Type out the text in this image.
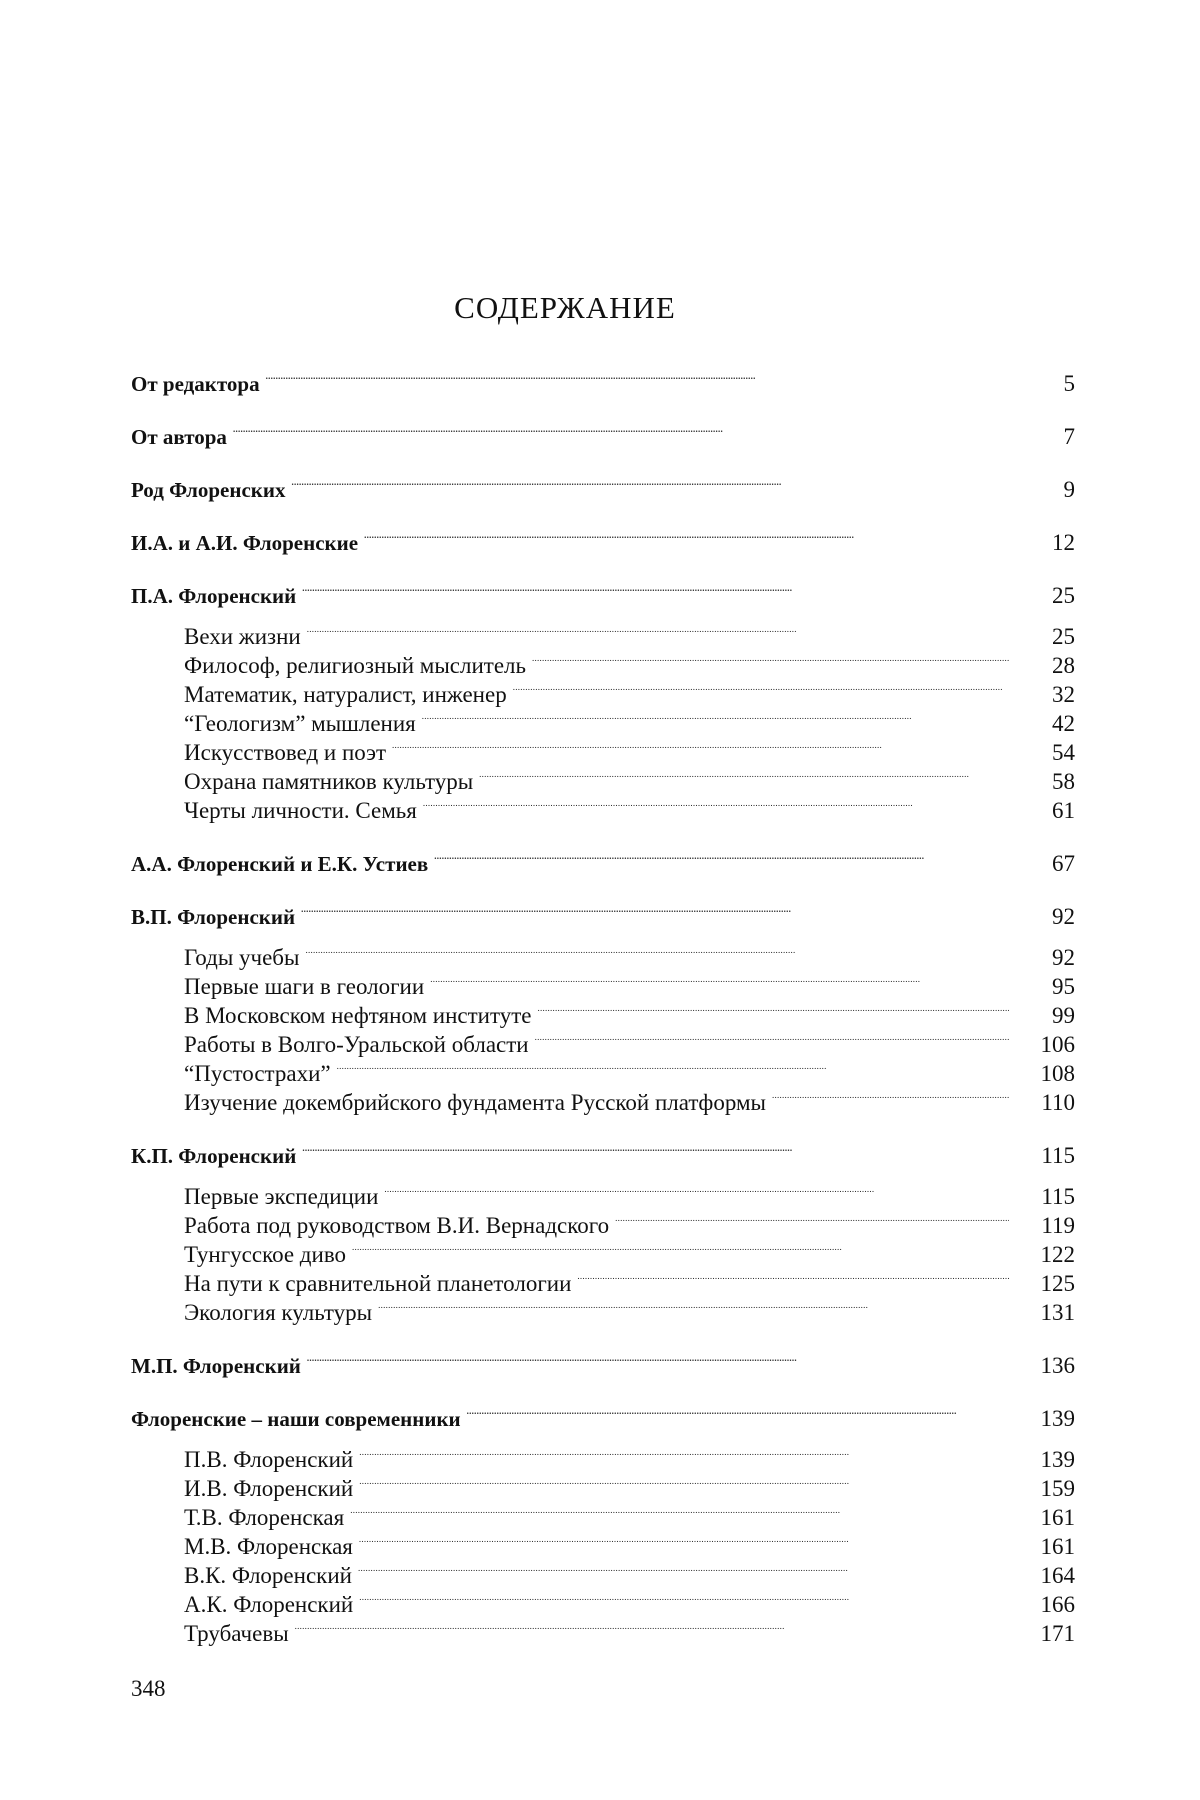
СОДЕРЖАНИЕ
От редактора . . .	5
От автора . . .	7
Род Флоренских . . .	9
И.А. и А.И. Флоренские . . .	12
П.А. Флоренский . . .	25
Вехи жизни . . .	25
Философ, религиозный мыслитель . . .	28
Математик, натуралист, инженер . . .	32
“Геологизм” мышления . . .	42
Искусствовед и поэт . . .	54
Охрана памятников культуры . . .	58
Черты личности. Семья . . .	61
А.А. Флоренский и Е.К. Устиев . . .	67
В.П. Флоренский . . .	92
Годы учебы . . .	92
Первые шаги в геологии . . .	95
В Московском нефтяном институте . . .	99
Работы в Волго-Уральской области . . .	106
“Пустострахи” . . .	108
Изучение докембрийского фундамента Русской платформы . . .	110
К.П. Флоренский . . .	115
Первые экспедиции . . .	115
Работа под руководством В.И. Вернадского . . .	119
Тунгусское диво . . .	122
На пути к сравнительной планетологии . . .	125
Экология культуры . . .	131
М.П. Флоренский . . .	136
Флоренские – наши современники . . .	139
П.В. Флоренский . . .	139
И.В. Флоренский . . .	159
Т.В. Флоренская . . .	161
М.В. Флоренская . . .	161
В.К. Флоренский . . .	164
А.К. Флоренский . . .	166
Трубачевы . . .	171
348
